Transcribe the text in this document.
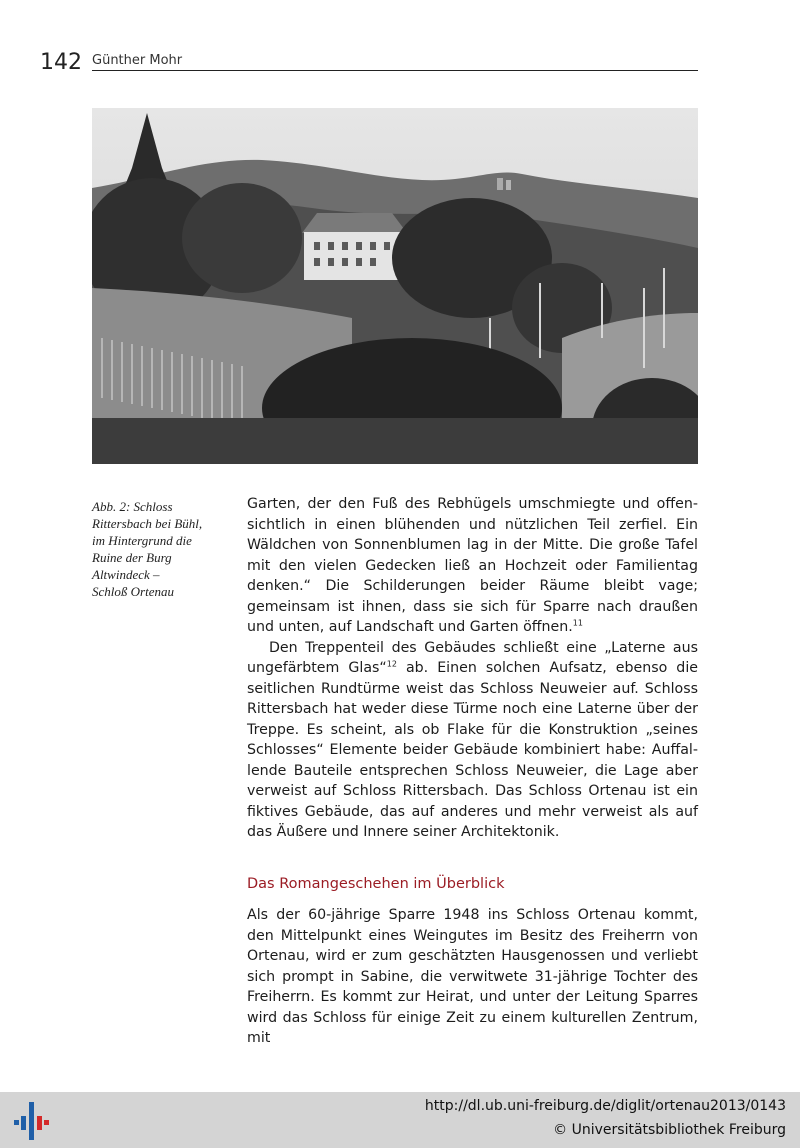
142 Günther Mohr
Abb. 2: Schloss
Rittersbach bei Bühl,
im Hintergrund die
Ruine der Burg
Altwindeck –
Schloß Ortenau

Garten, der den Fuß des Rebhügels umschmiegte und offensichtlich in einen blühenden und nützlichen Teil zerfiel. Ein Wäldchen von Sonnenblumen lag in der Mitte. Die große Tafel mit den vielen Gedecken ließ an Hochzeit oder Familientag denken.“ Die Schilderungen beider Räume bleibt vage; gemeinsam ist ihnen, dass sie sich für Sparre nach draußen und unten, auf Landschaft und Garten öffnen.$^{11}$

Den Treppenteil des Gebäudes schließt eine „Laterne aus ungefärbtem Glas“$^{12}$ ab. Einen solchen Aufsatz, ebenso die seitlichen Rundtürme weist das Schloss Neuweier auf. Schloss Rittersbach hat weder diese Türme noch eine Laterne über der Treppe. Es scheint, als ob Flake für die Konstruktion „seines Schlosses“ Elemente beider Gebäude kombiniert habe: Auffallende Bauteile entsprechen Schloss Neuweier, die Lage aber verweist auf Schloss Rittersbach. Das Schloss Ortenau ist ein fiktives Gebäude, das auf anderes und mehr verweist als auf das Äußere und Innere seiner Architektonik.

Das Romangeschehen im Überblick

Als der 60-jährige Sparre 1948 ins Schloss Ortenau kommt, den Mittelpunkt eines Weingutes im Besitz des Freiherrn von Ortenau, wird er zum geschätzten Hausgenossen und verliebt sich prompt in Sabine, die verwitwete 31-jährige Tochter des Freiherrn. Es kommt zur Heirat, und unter der Leitung Sparres wird das Schloss für einige Zeit zu einem kulturellen Zentrum, mit

http://dl.ub.uni-freiburg.de/diglit/ortenau2013/0143
© Universitätsbibliothek Freiburg
